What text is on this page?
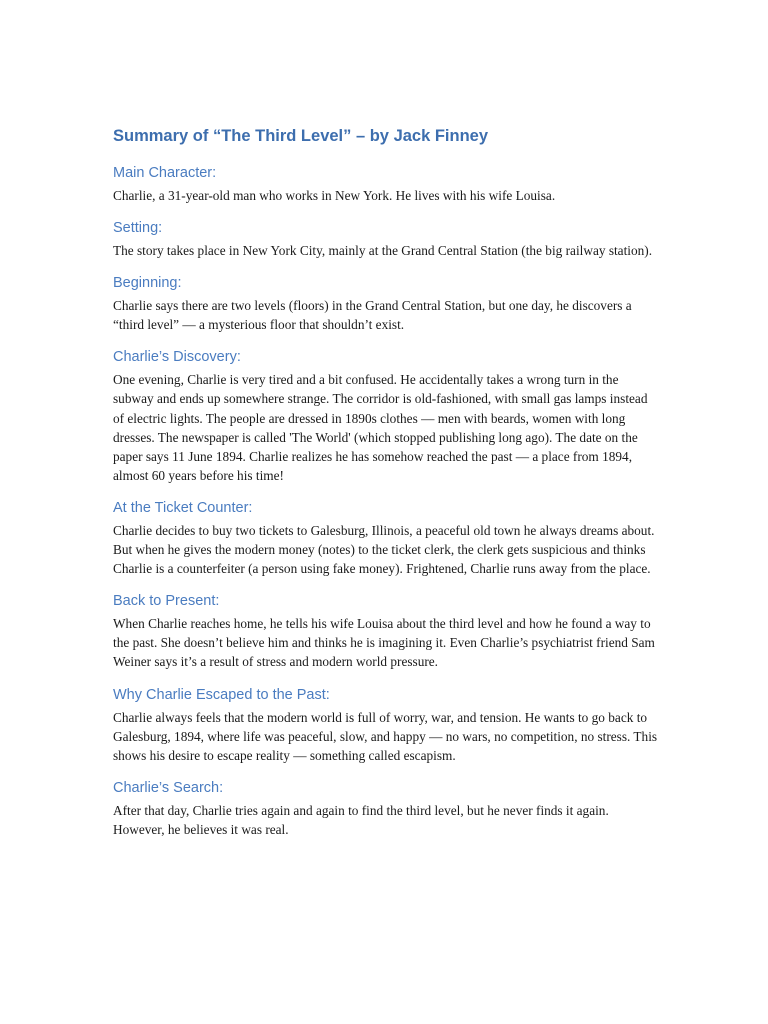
Summary of “The Third Level” – by Jack Finney
Main Character:

Charlie, a 31-year-old man who works in New York. He lives with his wife Louisa.

Setting:

The story takes place in New York City, mainly at the Grand Central Station (the big railway station).

Beginning:

Charlie says there are two levels (floors) in the Grand Central Station, but one day, he discovers a “third level” — a mysterious floor that shouldn’t exist.

Charlie’s Discovery:

One evening, Charlie is very tired and a bit confused. He accidentally takes a wrong turn in the subway and ends up somewhere strange. The corridor is old-fashioned, with small gas lamps instead of electric lights. The people are dressed in 1890s clothes — men with beards, women with long dresses. The newspaper is called 'The World' (which stopped publishing long ago). The date on the paper says 11 June 1894. Charlie realizes he has somehow reached the past — a place from 1894, almost 60 years before his time!

At the Ticket Counter:

Charlie decides to buy two tickets to Galesburg, Illinois, a peaceful old town he always dreams about. But when he gives the modern money (notes) to the ticket clerk, the clerk gets suspicious and thinks Charlie is a counterfeiter (a person using fake money). Frightened, Charlie runs away from the place.

Back to Present:

When Charlie reaches home, he tells his wife Louisa about the third level and how he found a way to the past. She doesn’t believe him and thinks he is imagining it. Even Charlie’s psychiatrist friend Sam Weiner says it’s a result of stress and modern world pressure.

Why Charlie Escaped to the Past:

Charlie always feels that the modern world is full of worry, war, and tension. He wants to go back to Galesburg, 1894, where life was peaceful, slow, and happy — no wars, no competition, no stress. This shows his desire to escape reality — something called escapism.

Charlie’s Search:

After that day, Charlie tries again and again to find the third level, but he never finds it again. However, he believes it was real.
